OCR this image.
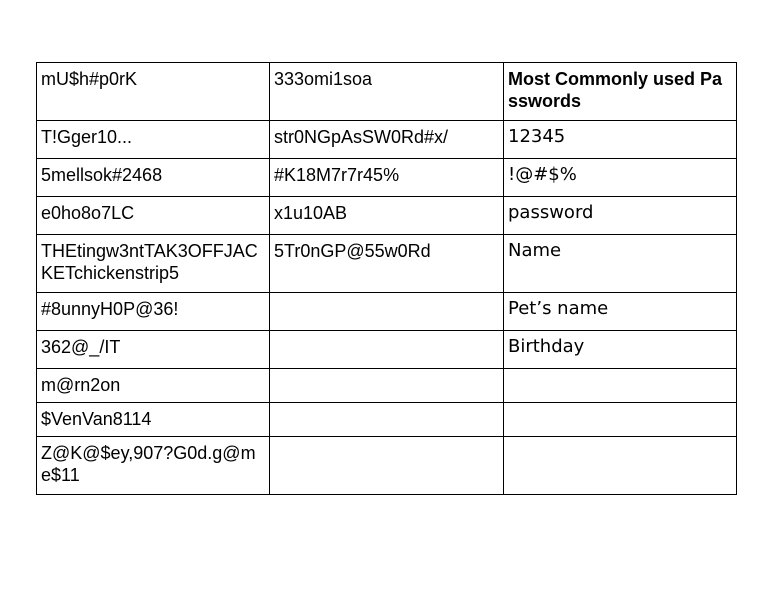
mU$h#p0rK	333omi1soa	Most Commonly used Passwords
T!Gger10...	str0NGpAsSW0Rd#x/	12345
5mellsok#2468	#K18M7r7r45%	!@#$%
e0ho8o7LC	x1u10AB	password
THEtingw3ntTAK3OFFJACKETchickenstrip5	5Tr0nGP@55w0Rd	Name
#8unnyH0P@36!		Pet’s name
362@_/IT		Birthday
m@rn2on		
$VenVan8114		
Z@K@$ey,907?G0d.g@me$11		
